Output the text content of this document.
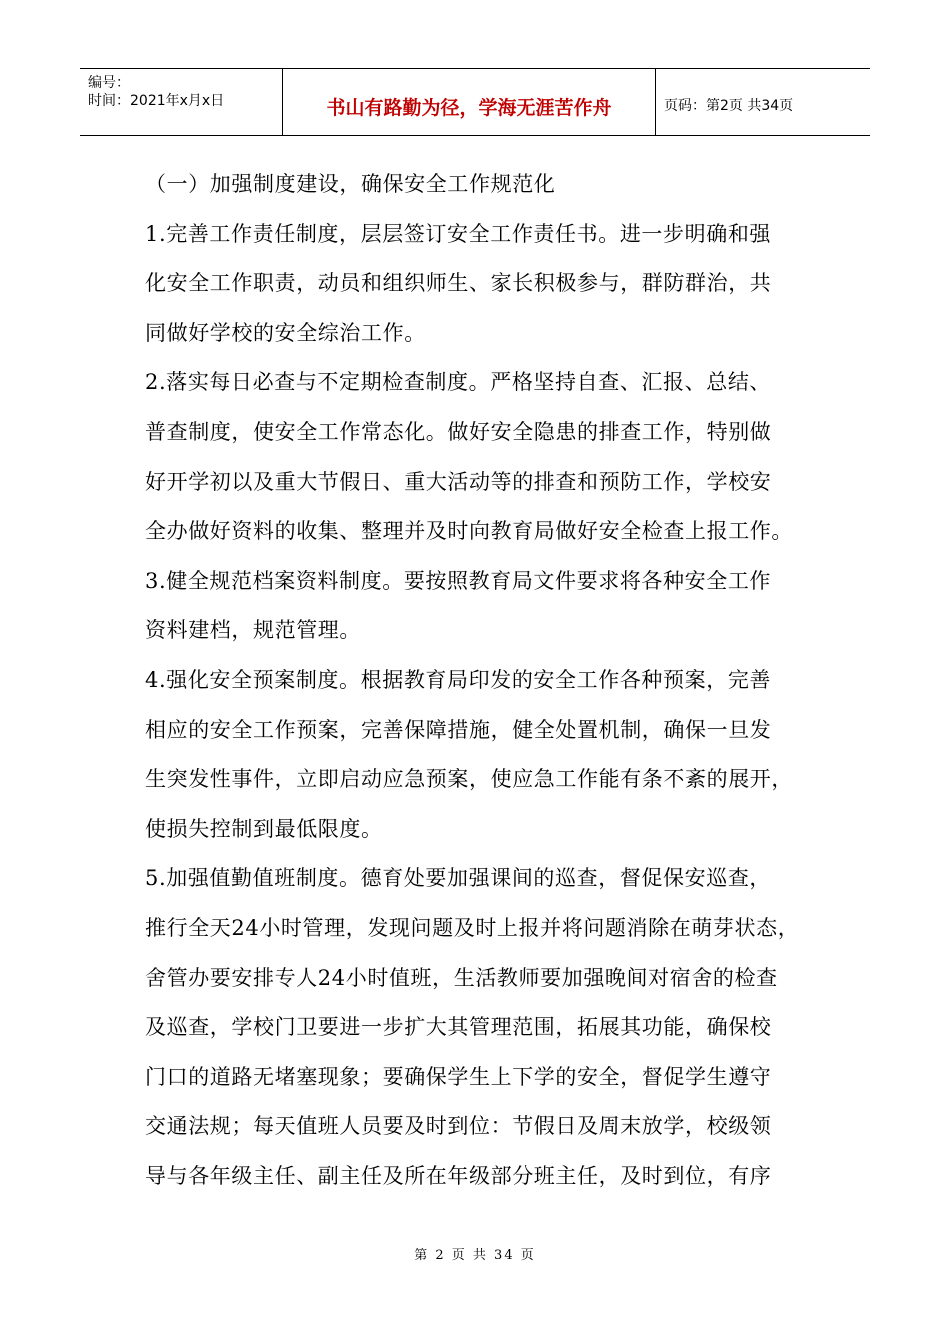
编号：
时间：2021年x月x日	书山有路勤为径，学海无涯苦作舟	页码：第2页 共34页
（一）加强制度建设，确保安全工作规范化
1.完善工作责任制度，层层签订安全工作责任书。进一步明确和强
化安全工作职责，动员和组织师生、家长积极参与，群防群治，共
同做好学校的安全综治工作。
2.落实每日必查与不定期检查制度。严格坚持自查、汇报、总结、
普查制度，使安全工作常态化。做好安全隐患的排查工作，特别做
好开学初以及重大节假日、重大活动等的排查和预防工作，学校安
全办做好资料的收集、整理并及时向教育局做好安全检查上报工作。
3.健全规范档案资料制度。要按照教育局文件要求将各种安全工作
资料建档，规范管理。
4.强化安全预案制度。根据教育局印发的安全工作各种预案，完善
相应的安全工作预案，完善保障措施，健全处置机制，确保一旦发
生突发性事件，立即启动应急预案，使应急工作能有条不紊的展开，
使损失控制到最低限度。
5.加强值勤值班制度。德育处要加强课间的巡查，督促保安巡查，
推行全天24小时管理，发现问题及时上报并将问题消除在萌芽状态，
舍管办要安排专人24小时值班，生活教师要加强晚间对宿舍的检查
及巡查，学校门卫要进一步扩大其管理范围，拓展其功能，确保校
门口的道路无堵塞现象；要确保学生上下学的安全，督促学生遵守
交通法规；每天值班人员要及时到位：节假日及周末放学，校级领
导与各年级主任、副主任及所在年级部分班主任，及时到位，有序
第 2 页 共 34 页
